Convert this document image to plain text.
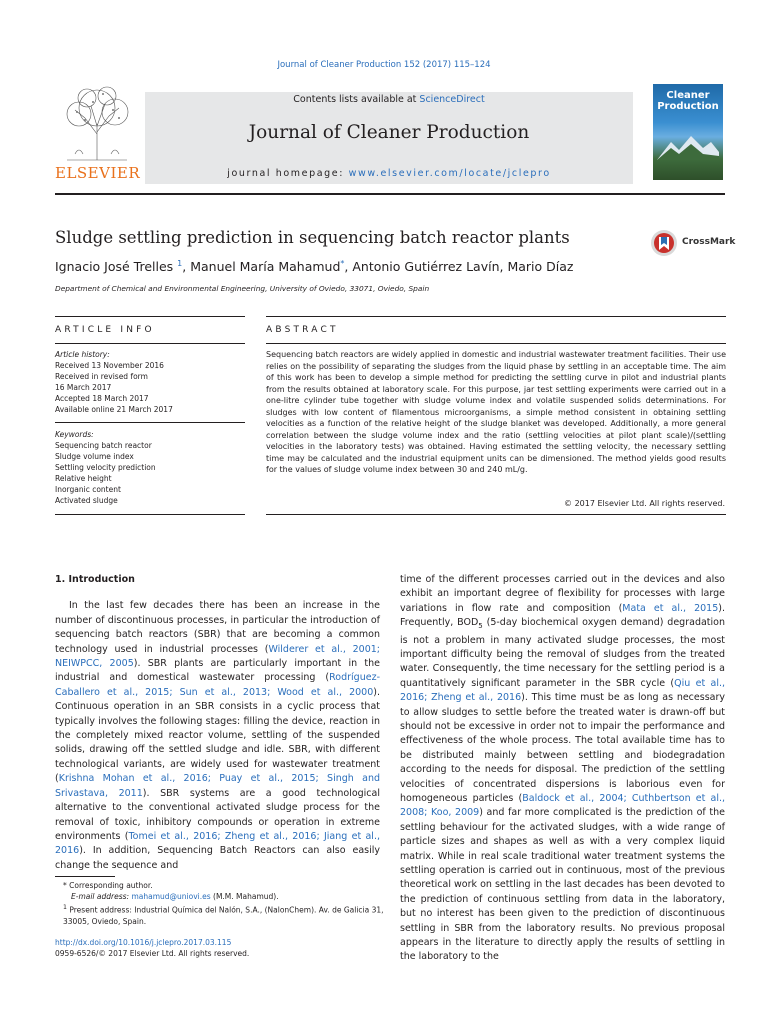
Journal of Cleaner Production 152 (2017) 115–124
ELSEVIER
Contents lists available at ScienceDirect
Journal of Cleaner Production
journal homepage: www.elsevier.com/locate/jclepro
Cleaner
Production
Sludge settling prediction in sequencing batch reactor plants	CrossMark
Ignacio José Trelles $^1$, Manuel María Mahamud*, Antonio Gutiérrez Lavín, Mario Díaz
Department of Chemical and Environmental Engineering, University of Oviedo, 33071, Oviedo, Spain
ARTICLE INFO	ABSTRACT
Article history:
Received 13 November 2016
Received in revised form
16 March 2017
Accepted 18 March 2017
Available online 21 March 2017
Keywords:
Sequencing batch reactor
Sludge volume index
Settling velocity prediction
Relative height
Inorganic content
Activated sludge
Sequencing batch reactors are widely applied in domestic and industrial wastewater treatment facilities. Their use relies on the possibility of separating the sludges from the liquid phase by settling in an acceptable time. The aim of this work has been to develop a simple method for predicting the settling curve in pilot and industrial plants from the results obtained at laboratory scale. For this purpose, jar test settling experiments were carried out in a one-litre cylinder tube together with sludge volume index and volatile suspended solids determinations. For sludges with low content of filamentous microorganisms, a simple method consistent in obtaining settling velocities as a function of the relative height of the sludge blanket was developed. Additionally, a more general correlation between the sludge volume index and the ratio (settling velocities at pilot plant scale)/(settling velocities in the laboratory tests) was obtained. Having estimated the settling velocity, the necessary settling time may be calculated and the industrial equipment units can be dimensioned. The method yields good results for the values of sludge volume index between 30 and 240 mL/g.
© 2017 Elsevier Ltd. All rights reserved.
1. Introduction

In the last few decades there has been an increase in the number of discontinuous processes, in particular the introduction of sequencing batch reactors (SBR) that are becoming a common technology used in industrial processes (Wilderer et al., 2001; NEIWPCC, 2005). SBR plants are particularly important in the industrial and domestical wastewater processing (Rodríguez-Caballero et al., 2015; Sun et al., 2013; Wood et al., 2000). Continuous operation in an SBR consists in a cyclic process that typically involves the following stages: filling the device, reaction in the completely mixed reactor volume, settling of the suspended solids, drawing off the settled sludge and idle. SBR, with different technological variants, are widely used for wastewater treatment (Krishna Mohan et al., 2016; Puay et al., 2015; Singh and Srivastava, 2011). SBR systems are a good technological alternative to the conventional activated sludge process for the removal of toxic, inhibitory compounds or operation in extreme environments (Tomei et al., 2016; Zheng et al., 2016; Jiang et al., 2016). In addition, Sequencing Batch Reactors can also easily change the sequence and

time of the different processes carried out in the devices and also exhibit an important degree of flexibility for processes with large variations in flow rate and composition (Mata et al., 2015). Frequently, $BOD_5$ (5-day biochemical oxygen demand) degradation is not a problem in many activated sludge processes, the most important difficulty being the removal of sludges from the treated water. Consequently, the time necessary for the settling period is a quantitatively significant parameter in the SBR cycle (Qiu et al., 2016; Zheng et al., 2016). This time must be as long as necessary to allow sludges to settle before the treated water is drawn-off but should not be excessive in order not to impair the performance and effectiveness of the whole process. The total available time has to be distributed mainly between settling and biodegradation according to the needs for disposal. The prediction of the settling velocities of concentrated dispersions is laborious even for homogeneous particles (Baldock et al., 2004; Cuthbertson et al., 2008; Koo, 2009) and far more complicated is the prediction of the settling behaviour for the activated sludges, with a wide range of particle sizes and shapes as well as with a very complex liquid matrix. While in real scale traditional water treatment systems the settling operation is carried out in continuous, most of the previous theoretical work on settling in the last decades has been devoted to the prediction of continuous settling from data in the laboratory, but no interest has been given to the prediction of discontinuous settling in SBR from the laboratory results. No previous proposal appears in the literature to directly apply the results of settling in the laboratory to the

* Corresponding author.
E-mail address: mahamud@uniovi.es (M.M. Mahamud).
$^1$ Present address: Industrial Química del Nalón, S.A., (NalonChem). Av. de Galicia 31, 33005, Oviedo, Spain.
http://dx.doi.org/10.1016/j.jclepro.2017.03.115
0959-6526/© 2017 Elsevier Ltd. All rights reserved.
